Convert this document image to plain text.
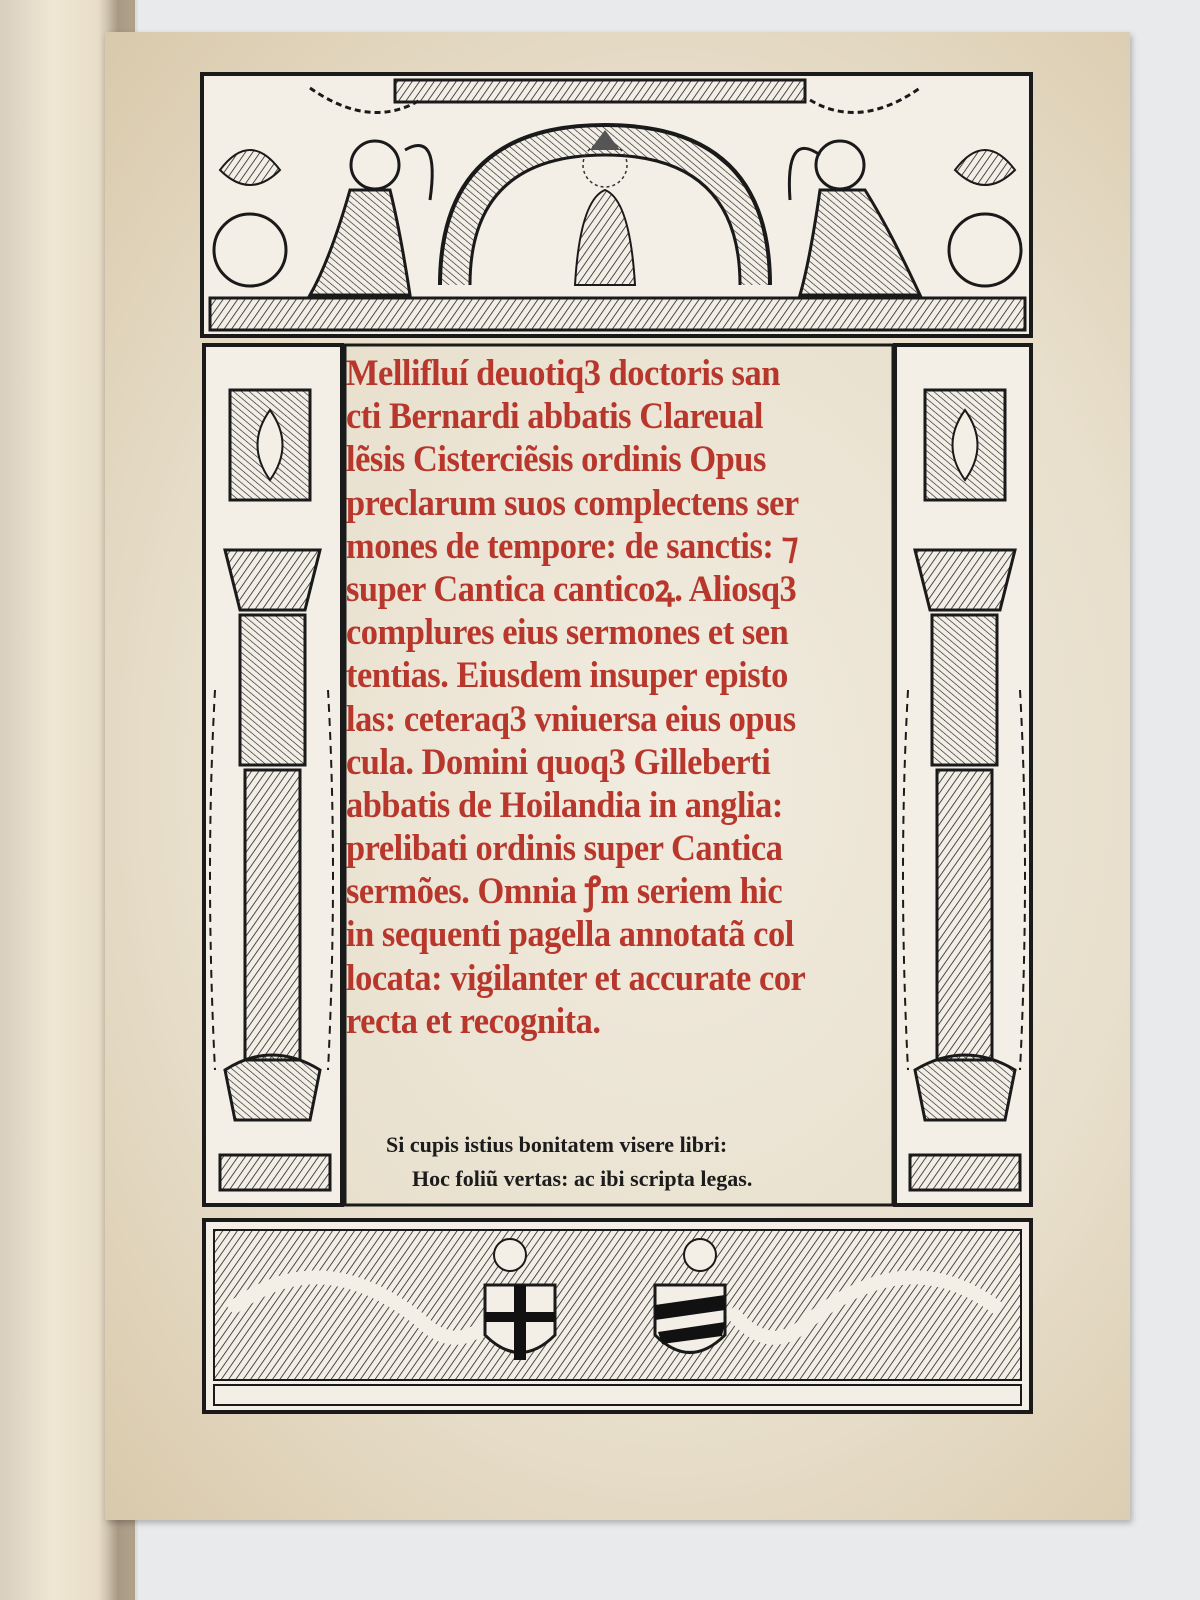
Mellifluí deuotiq3 doctoris san
cti Bernardi abbatis Clareual
lẽsis Cisterciẽsis ordinis Opus
preclarum suos complectens ser
mones de tempore: de sanctis: ⁊
super Cantica canticoꝝ. Aliosq3
complures eius sermones et sen
tentias. Eiusdem insuper episto
las: ceteraq3 vniuersa eius opus
cula. Domini quoq3 Gilleberti
abbatis de Hoilandia in anglia:
prelibati ordinis super Cantica
sermões. Omnia ꝭm seriem hic
in sequenti pagella annotatã col
locata: vigilanter et accurate cor
recta et recognita.
Si cupis istius bonitatem visere libri:
Hoc foliũ vertas: ac ibi scripta legas.
